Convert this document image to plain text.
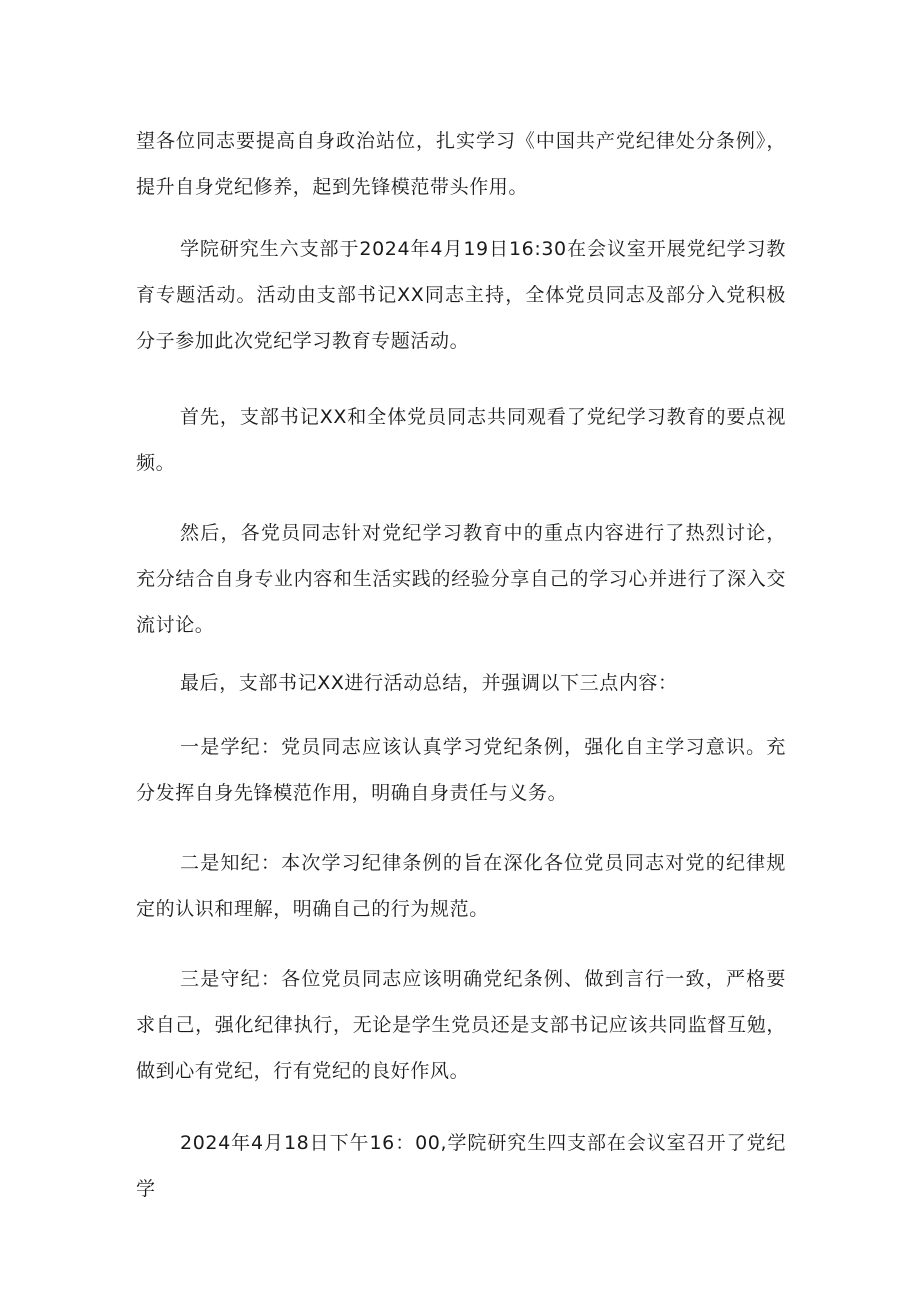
望各位同志要提高自身政治站位，扎实学习《中国共产党纪律处分条例》，提升自身党纪修养，起到先锋模范带头作用。

学院研究生六支部于2024年4月19日16:30在会议室开展党纪学习教育专题活动。活动由支部书记XX同志主持，全体党员同志及部分入党积极分子参加此次党纪学习教育专题活动。

首先，支部书记XX和全体党员同志共同观看了党纪学习教育的要点视频。

然后，各党员同志针对党纪学习教育中的重点内容进行了热烈讨论，充分结合自身专业内容和生活实践的经验分享自己的学习心并进行了深入交流讨论。

最后，支部书记XX进行活动总结，并强调以下三点内容：

一是学纪：党员同志应该认真学习党纪条例，强化自主学习意识。充分发挥自身先锋模范作用，明确自身责任与义务。

二是知纪：本次学习纪律条例的旨在深化各位党员同志对党的纪律规定的认识和理解，明确自己的行为规范。

三是守纪：各位党员同志应该明确党纪条例、做到言行一致，严格要求自己，强化纪律执行，无论是学生党员还是支部书记应该共同监督互勉，做到心有党纪，行有党纪的良好作风。

2024年4月18日下午16：00,学院研究生四支部在会议室召开了党纪学
